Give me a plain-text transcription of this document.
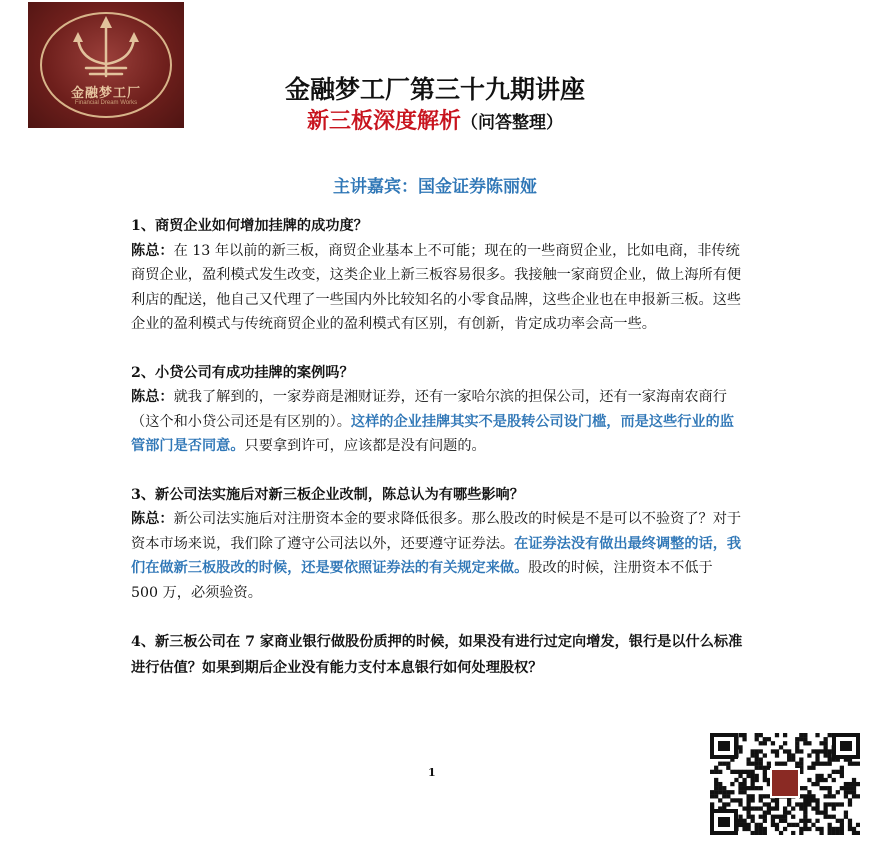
金融梦工厂
Financial Dream Works	金融梦工厂第三十九期讲座
新三板深度解析（问答整理）
主讲嘉宾：国金证券陈丽娅

1、商贸企业如何增加挂牌的成功度？

陈总：在 13 年以前的新三板，商贸企业基本上不可能；现在的一些商贸企业，比如电商，非传统商贸企业，盈利模式发生改变，这类企业上新三板容易很多。我接触一家商贸企业，做上海所有便利店的配送，他自己又代理了一些国内外比较知名的小零食品牌，这些企业也在申报新三板。这些企业的盈利模式与传统商贸企业的盈利模式有区别，有创新，肯定成功率会高一些。

2、小贷公司有成功挂牌的案例吗？

陈总：就我了解到的，一家券商是湘财证券，还有一家哈尔滨的担保公司，还有一家海南农商行（这个和小贷公司还是有区别的）。这样的企业挂牌其实不是股转公司设门槛，而是这些行业的监管部门是否同意。只要拿到许可，应该都是没有问题的。

3、新公司法实施后对新三板企业改制，陈总认为有哪些影响？

陈总：新公司法实施后对注册资本金的要求降低很多。那么股改的时候是不是可以不验资了？对于资本市场来说，我们除了遵守公司法以外，还要遵守证券法。在证券法没有做出最终调整的话，我们在做新三板股改的时候，还是要依照证券法的有关规定来做。股改的时候，注册资本不低于 500 万，必须验资。

4、新三板公司在 7 家商业银行做股份质押的时候，如果没有进行过定向增发，银行是以什么标准进行估值？如果到期后企业没有能力支付本息银行如何处理股权？

1
